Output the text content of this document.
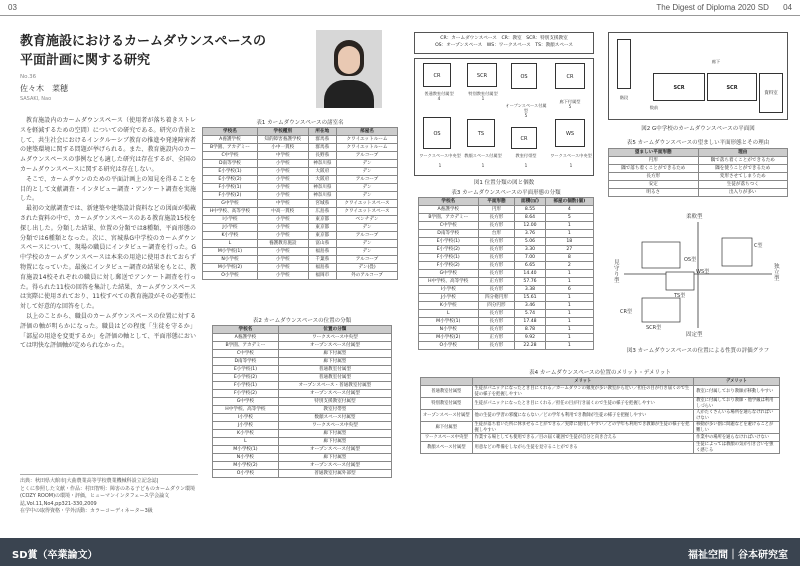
03	The Digest of Diploma 2020 SD 04
教育施設におけるカームダウンスペースの
平面計画に関する研究
No.36
佐々木　菜穂
SASAKI, Nao

教育施設内のカームダウンスペース（使用者が落ち着きストレスを軽減するための空間）についての研究である。研究の背景として、共生社会におけるインクルーシブ教育の推進や発達障害者の建築環境に関する問題が挙げられる。また、教育施設内のカームダウンスペースの事例なども適した研究は存在するが、全国のカームダウンスペースに関する研究は存在しない。

そこで、カームダウンのための平面計画上の知見を得ることを目的として文献調査・インタビュー調査・アンケート調査を実施した。

最初の文献調査では、新建築や建築設計資料などの図面が掲載された資料の中で、カームダウンスペースのある教育施設15校を探し出した。分類した結果、位置の分類では8種類、平面形態の分類では6種類となった。次に、宮城県G中学校のカームダウンスペースについて、現場の職員にインタビュー調査を行った。G中学校のカームダウンスペースは本来の用途に使用されておらず物置になっていた。最後にインタビュー調査の結果をもとに、教育施設14校それぞれの職員に対し郵送でアンケート調査を行った。得られた11校の回答を集計した結果、カームダウンスペースは実際に使用されており、11校すべての教育施設がその必要性に対して好意的な回答をした。

以上のことから、職員のカームダウンスペースの位置に対する評価の軸が明らかになった。職員はどの程度「生徒を守るか」「部屋の用途を変更するか」を評価の軸として、平面形態においては明快な評価軸が定められなかった。

出典：秋田県大館市|大曲農業高等学校農業機械科設立記念誌|
とくに参照した文献・作品：村田智明：障害のある子どものカームダウン環境(COZY ROOM)の環境・評価，ヒューマンインタフェース学会論文誌,Vol.11,No4,pp321-330,2009
在学中の取得資格・学外活動：カラーコーディネーター3級
表1 カームダウンスペースの諸室名
学校名	学校種別	所在地	部屋名
A養護学校	知的障害養護学校	群馬県	クワイエットルーム
B学園、アカデミー	小中一貫校	群馬県	クワイエットルーム
C中学校	中学校	長野県	アルコーブ
D南等学校	小学校	神奈川県	デン
E小学校(1)	小学校	大阪府	デン
E小学校(2)	小学校	大阪府	アルコーブ
F小学校(1)	小学校	神奈川県	デン
F小学校(2)	小学校	神奈川県	デン
G中学校	中学校	宮城県	クワイエットスペース
H中学校、高等学校	中高一貫校	広島県	クワイエットスペース
I小学校	小学校	東京都	ベンチデン
J小学校	小学校	東京都	デン
K小学校	小学校	東京都	アルコーブ
L	養護教育施設	富山県	デン
M小学校(1)	小学校	福島県	デン
N小学校	小学校	千葉県	アルコーブ
M小学校(2)	小学校	福島県	デン(畳)
O小学校	小学校	福岡市	外のアルコーブ
表2 カームダウンスペースの位置の分類
学校名	位置の分類
A養護学校	ワークスペース中央型
B学園、アカデミー	オープンスペース付属型
C中学校	廊下付属型
D南等学校	廊下付属型
E小学校(1)	普通教室付属型
E小学校(2)	普通教室付属型
F小学校(1)	オープンスペース・普通教室付属型
F小学校(2)	オープンスペース付属型
G中学校	特別支援教室付属型
H中学校、高等学校	教室付帯型
I小学校	数顔スペース付属型
J小学校	ワークスペース中央型
K小学校	廊下付属型
L	廊下付属型
M小学校(1)	オープンスペース付属型
N小学校	廊下付属型
M小学校(2)	オープンスペース付属型
O小学校	普通教室付属外部型
CR：カームダウンスペース　CR：教室　SCR：特別支援教室
OS：オープンスペース　WS：ワークスペース　TS：教顔スペース
CR
普通教室付属型
4
SCR
特別教室付属型
1
OS
オープンスペース付属型
5
CR
廊下付属型
5
OS
ワークスペース中央型
1
TS
教顔スペース付属型
1
CR
教室付帯型
1
WS
ワークスペース中央型
1
図1 位置分類の図と個数
表3 カームダウンスペースの平面形態の分類
学校名	平面形態	面積(㎡)	部屋の個数(個)
A養護学校	円形	8.55	4
B学園、アカデミー	長方形	8.64	5
C中学校	長方形	12.00	1
D南等学校	台形	3.76	1
E小学校(1)	長方形	5.06	18
E小学校(2)	長方形	3.30	27
F小学校(1)	長方形	7.00	8
F小学校(2)	長方形	6.65	2
G中学校	長方形	14.40	1
H中学校、高等学校	正方形	57.76	1
I小学校	長方形	3.38	6
J小学校	四分楕円形	15.61	1
K小学校	四分円形	3.46	1
L	長方形	5.74	1
M小学校(1)	長方形	17.48	1
N小学校	長方形	8.78	1
M小学校(2)	正方形	9.92	1
O小学校	長方形	22.28	1
表4 カームダウンスペースの位置のメリット・デメリット
	メリット	デメリット
普通教室付属型	生徒がパニックになったとき目にくれる／カームダウンの頻度が多い教室から近い／担任の目が行き届くので生徒の様子を把握しやすい	教室に付属しており教師が移動しやすい
特別教室付属型	生徒がパニックになったとき目にくれる／担任の目が行き届くので生徒の様子を把握しやすい	教室に付属しており教師・他学級は利用しづらい
オープンスペース付属型	他の生徒の学習の邪魔にならない／どの学年も利用でき教師が生徒の様子を把握しやすい	人がたくさんいる場所を通らなければいけない
廊下付属型	生徒が落ち着いた所に休ませることができる／実際に使用しやすい／どの学年も利用でき教師が生徒の様子を把握しやすい	移動が多い割に問題などを避けることが難しい
ワークスペース中央型	作業する場としても使用できる／目の届く範囲で生徒が自分と向き合える	作業中の場所を通らなければいけない
教顔スペース付属型	用意などの準備をしながら生徒を見守ることができる	生徒によっては教顔の気が引き合いを強く感じる
SCR	SCR
資料室
廊下
階段
数前
図2 G中学校のカームダウンスペースの平面図
表5 カームダウンスペースの望ましい平面形態とその理由
望ましい平面形態	理由
円形	隅で落ち着くことができるため
隅で落ち着くことができるため	隅を使うことができるため
長方形	変形させてしまうため
安定	生徒が落ちつく
明るさ	出入りが多い
柔軟型
固定型
見守り型
独立型
OS型
C型
WS型
TS型
SCR型
CR型
図3 カームダウンスペースの位置による性質の評価グラフ
SD賞（卒業論文）	福祉空間｜谷本研究室
